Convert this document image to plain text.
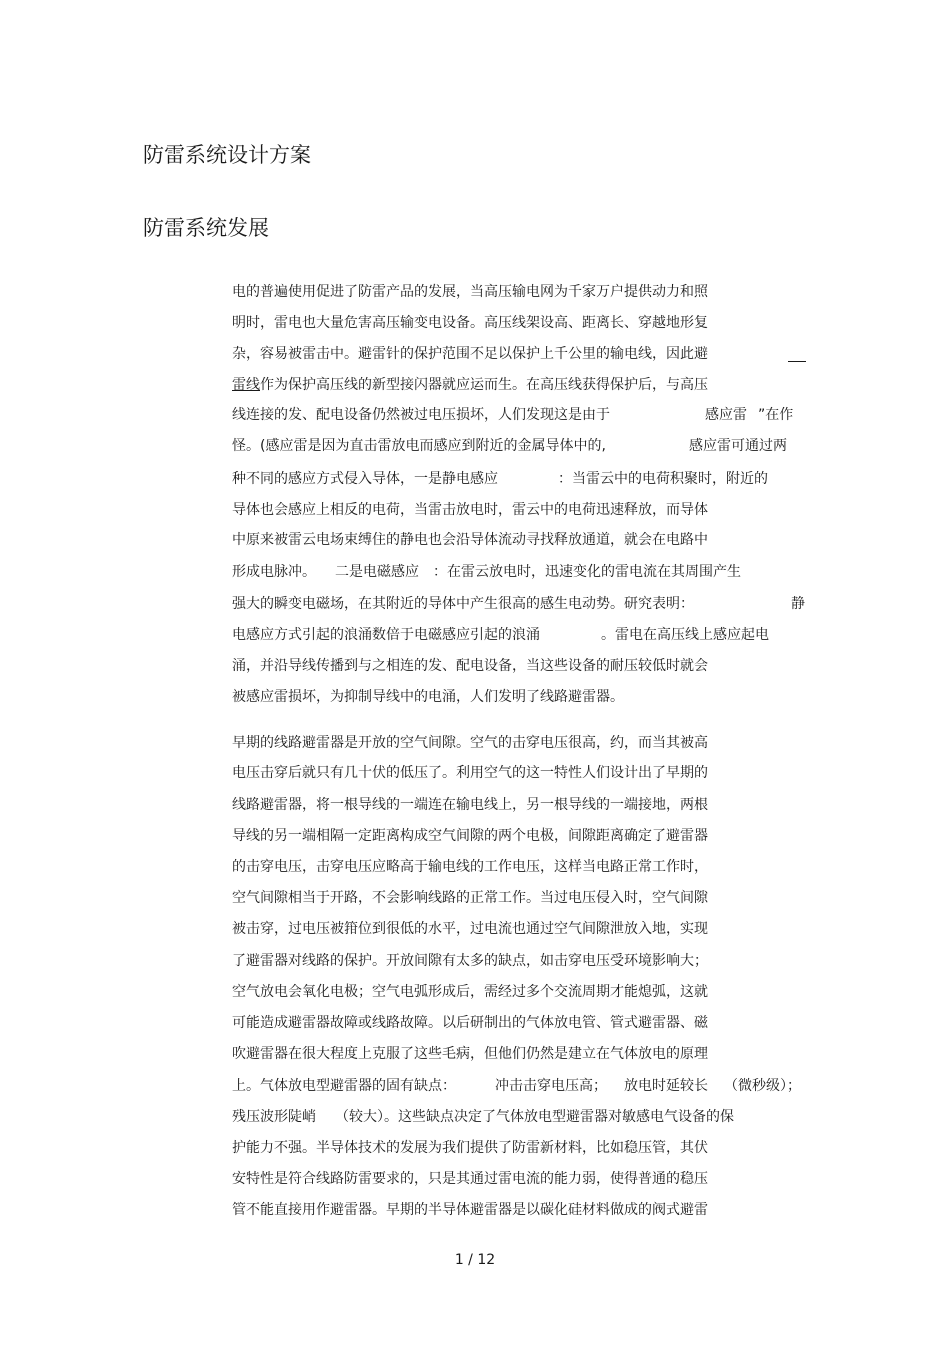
防雷系统设计方案
防雷系统发展
电的普遍使用促进了防雷产品的发展，当高压输电网为千家万户提供动力和照
明时，雷电也大量危害高压输变电设备。高压线架设高、距离长、穿越地形复
杂，容易被雷击中。避雷针的保护范围不足以保护上千公里的输电线，因此避
雷线作为保护高压线的新型接闪器就应运而生。在高压线获得保护后，与高压
线连接的发、配电设备仍然被过电压损坏，人们发现这是由于	感应雷 ”在作
怪。(感应雷是因为直击雷放电而感应到附近的金属导体中的,	感应雷可通过两
种不同的感应方式侵入导体，一是静电感应	：当雷云中的电荷积聚时，附近的
导体也会感应上相反的电荷，当雷击放电时，雷云中的电荷迅速释放，而导体
中原来被雷云电场束缚住的静电也会沿导体流动寻找释放通道，就会在电路中
形成电脉冲。 二是电磁感应 ：在雷云放电时，迅速变化的雷电流在其周围产生
强大的瞬变电磁场，在其附近的导体中产生很高的感生电动势。研究表明：	静
电感应方式引起的浪涌数倍于电磁感应引起的浪涌	。雷电在高压线上感应起电
涌，并沿导线传播到与之相连的发、配电设备，当这些设备的耐压较低时就会
被感应雷损坏，为抑制导线中的电涌，人们发明了线路避雷器。
早期的线路避雷器是开放的空气间隙。空气的击穿电压很高，约，而当其被高
电压击穿后就只有几十伏的低压了。利用空气的这一特性人们设计出了早期的
线路避雷器，将一根导线的一端连在输电线上，另一根导线的一端接地，两根
导线的另一端相隔一定距离构成空气间隙的两个电极，间隙距离确定了避雷器
的击穿电压，击穿电压应略高于输电线的工作电压，这样当电路正常工作时，
空气间隙相当于开路，不会影响线路的正常工作。当过电压侵入时，空气间隙
被击穿，过电压被箝位到很低的水平，过电流也通过空气间隙泄放入地，实现
了避雷器对线路的保护。开放间隙有太多的缺点，如击穿电压受环境影响大；
空气放电会氧化电极；空气电弧形成后，需经过多个交流周期才能熄弧，这就
可能造成避雷器故障或线路故障。以后研制出的气体放电管、管式避雷器、磁
吹避雷器在很大程度上克服了这些毛病，但他们仍然是建立在气体放电的原理
上。气体放电型避雷器的固有缺点：	冲击击穿电压高； 放电时延较长 （微秒级）；
残压波形陡峭 （较大）。这些缺点决定了气体放电型避雷器对敏感电气设备的保
护能力不强。半导体技术的发展为我们提供了防雷新材料，比如稳压管，其伏
安特性是符合线路防雷要求的，只是其通过雷电流的能力弱，使得普通的稳压
管不能直接用作避雷器。早期的半导体避雷器是以碳化硅材料做成的阀式避雷
1 / 12
